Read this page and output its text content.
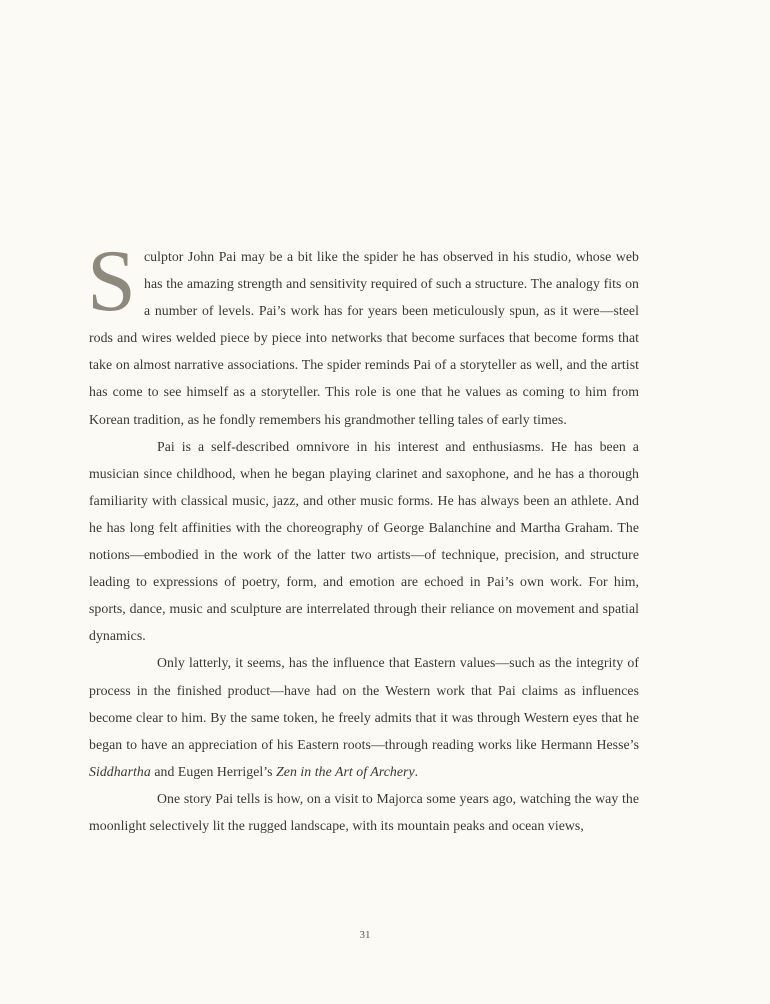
Sculptor John Pai may be a bit like the spider he has observed in his studio, whose web has the amazing strength and sensitivity required of such a structure. The analogy fits on a number of levels. Pai’s work has for years been meticulously spun, as it were—steel rods and wires welded piece by piece into networks that become surfaces that become forms that take on almost narrative associations. The spider reminds Pai of a storyteller as well, and the artist has come to see himself as a storyteller. This role is one that he values as coming to him from Korean tradition, as he fondly remembers his grandmother telling tales of early times.

Pai is a self-described omnivore in his interest and enthusiasms. He has been a musician since childhood, when he began playing clarinet and saxophone, and he has a thorough familiarity with classical music, jazz, and other music forms. He has always been an athlete. And he has long felt affinities with the choreography of George Balanchine and Martha Graham. The notions—embodied in the work of the latter two artists—of technique, precision, and structure leading to expressions of poetry, form, and emotion are echoed in Pai’s own work. For him, sports, dance, music and sculpture are interrelated through their reliance on movement and spatial dynamics.

Only latterly, it seems, has the influence that Eastern values—such as the integrity of process in the finished product—have had on the Western work that Pai claims as influences become clear to him. By the same token, he freely admits that it was through Western eyes that he began to have an appreciation of his Eastern roots—through reading works like Hermann Hesse’s Siddhartha and Eugen Herrigel’s Zen in the Art of Archery.

One story Pai tells is how, on a visit to Majorca some years ago, watching the way the moonlight selectively lit the rugged landscape, with its mountain peaks and ocean views,

31
